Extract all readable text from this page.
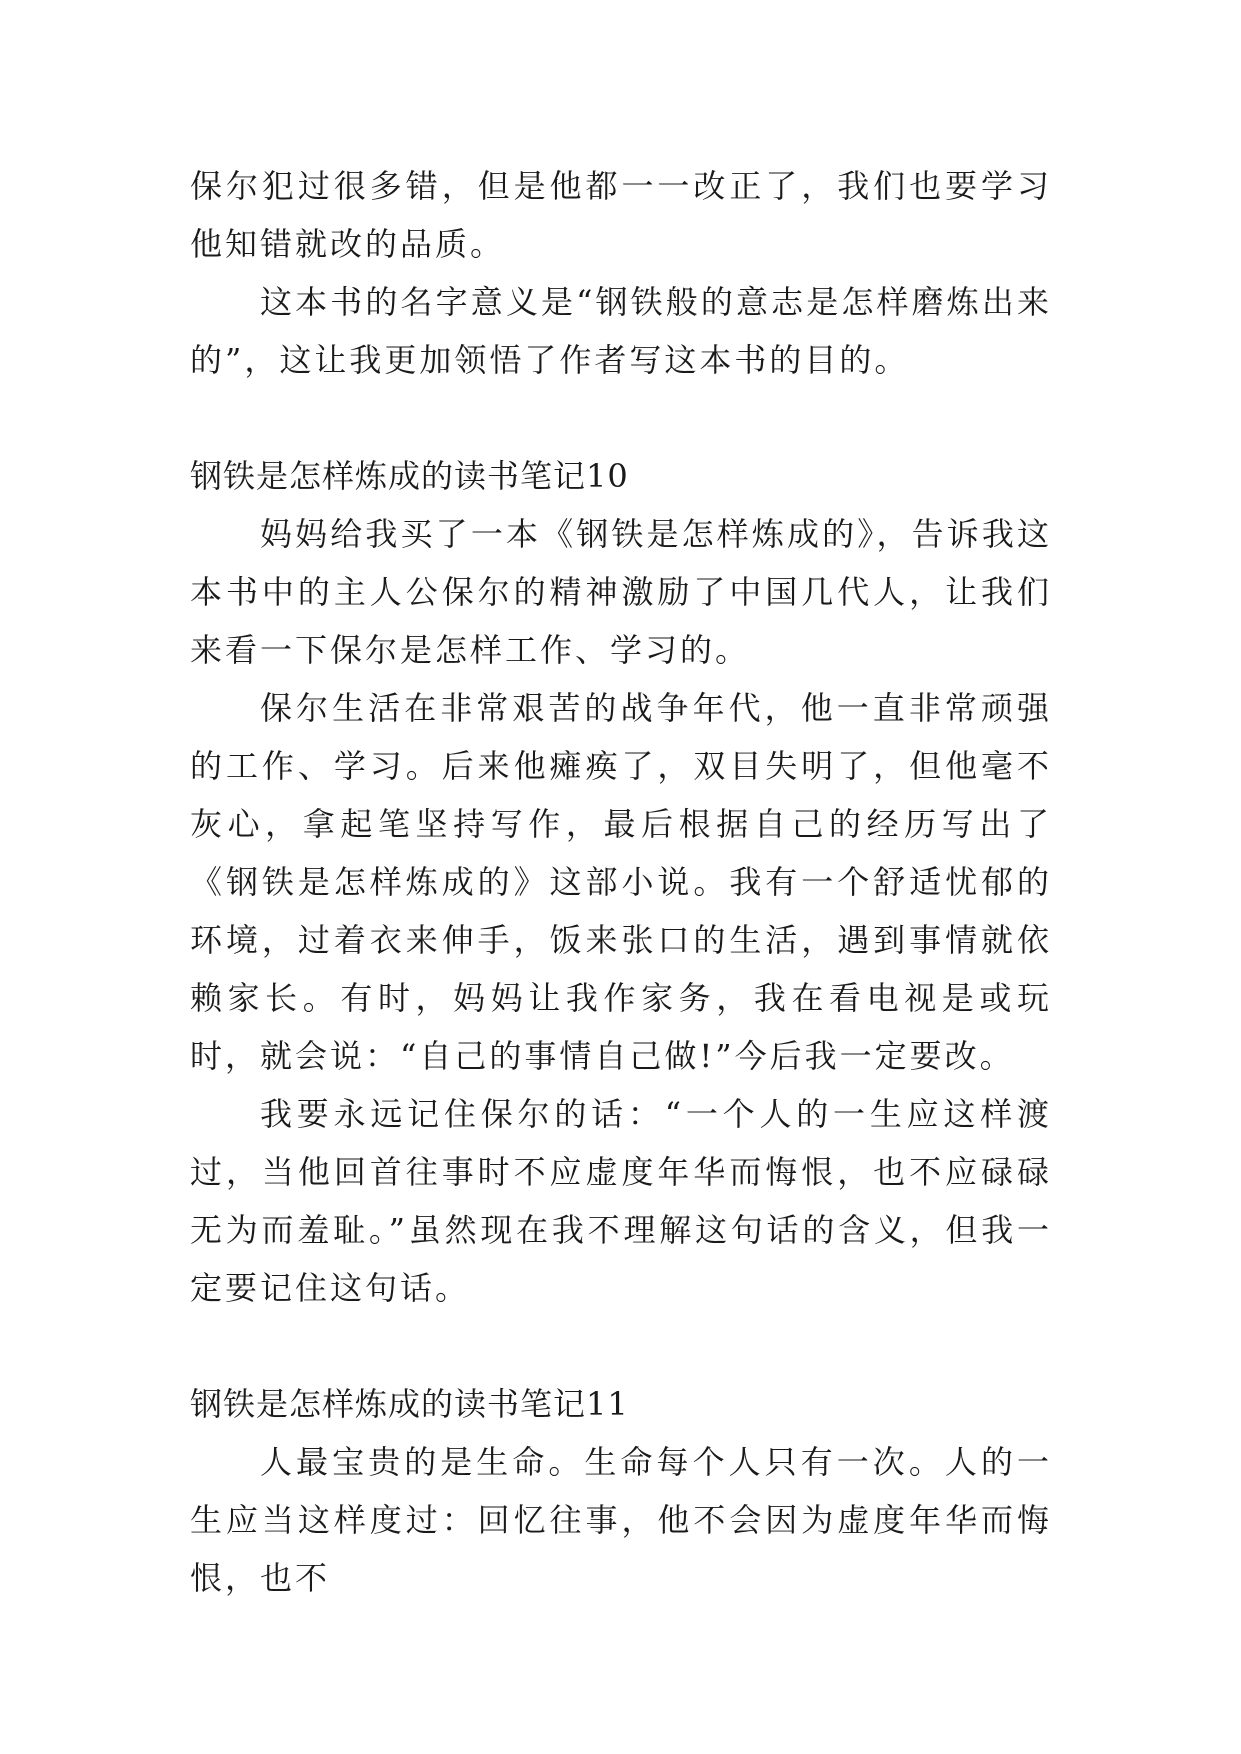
保尔犯过很多错，但是他都一一改正了，我们也要学习他知错就改的品质。

这本书的名字意义是“钢铁般的意志是怎样磨炼出来的”，这让我更加领悟了作者写这本书的目的。

钢铁是怎样炼成的读书笔记10

妈妈给我买了一本《钢铁是怎样炼成的》，告诉我这本书中的主人公保尔的精神激励了中国几代人，让我们来看一下保尔是怎样工作、学习的。

保尔生活在非常艰苦的战争年代，他一直非常顽强的工作、学习。后来他瘫痪了，双目失明了，但他毫不灰心，拿起笔坚持写作，最后根据自己的经历写出了《钢铁是怎样炼成的》这部小说。我有一个舒适忧郁的环境，过着衣来伸手，饭来张口的生活，遇到事情就依赖家长。有时，妈妈让我作家务，我在看电视是或玩时，就会说：“自己的事情自己做!”今后我一定要改。

我要永远记住保尔的话：“一个人的一生应这样渡过，当他回首往事时不应虚度年华而悔恨，也不应碌碌无为而羞耻。”虽然现在我不理解这句话的含义，但我一定要记住这句话。

钢铁是怎样炼成的读书笔记11

人最宝贵的是生命。生命每个人只有一次。人的一生应当这样度过：回忆往事，他不会因为虚度年华而悔恨，也不
